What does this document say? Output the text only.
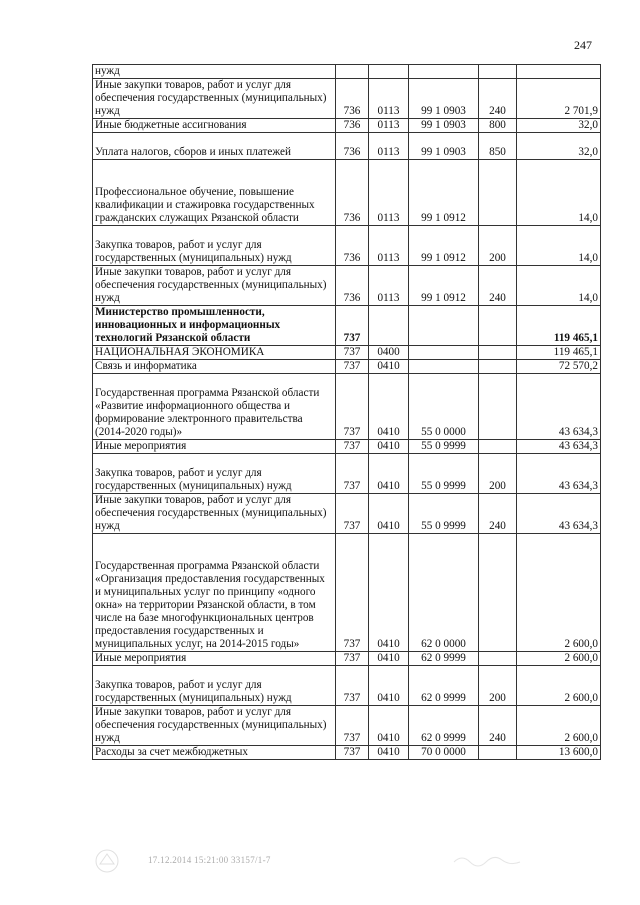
247
нужд					
Иные закупки товаров, работ и услуг для обеспечения государственных (муниципальных) нужд	736	0113	99 1 0903	240	2 701,9
Иные бюджетные ассигнования	736	0113	99 1 0903	800	32,0
Уплата налогов, сборов и иных платежей	736	0113	99 1 0903	850	32,0
Профессиональное обучение, повышение квалификации и стажировка государственных гражданских служащих Рязанской области	736	0113	99 1 0912		14,0
Закупка товаров, работ и услуг для государственных (муниципальных) нужд	736	0113	99 1 0912	200	14,0
Иные закупки товаров, работ и услуг для обеспечения государственных (муниципальных) нужд	736	0113	99 1 0912	240	14,0
Министерство промышленности, инновационных и информационных технологий Рязанской области	737				119 465,1
НАЦИОНАЛЬНАЯ ЭКОНОМИКА	737	0400			119 465,1
Связь и информатика	737	0410			72 570,2
Государственная программа Рязанской области «Развитие информационного общества и формирование электронного правительства (2014-2020 годы)»	737	0410	55 0 0000		43 634,3
Иные мероприятия	737	0410	55 0 9999		43 634,3
Закупка товаров, работ и услуг для государственных (муниципальных) нужд	737	0410	55 0 9999	200	43 634,3
Иные закупки товаров, работ и услуг для обеспечения государственных (муниципальных) нужд	737	0410	55 0 9999	240	43 634,3
Государственная программа Рязанской области «Организация предоставления государственных и муниципальных услуг по принципу «одного окна» на территории Рязанской области, в том числе на базе многофункциональных центров предоставления государственных и муниципальных услуг, на 2014-2015 годы»	737	0410	62 0 0000		2 600,0
Иные мероприятия	737	0410	62 0 9999		2 600,0
Закупка товаров, работ и услуг для государственных (муниципальных) нужд	737	0410	62 0 9999	200	2 600,0
Иные закупки товаров, работ и услуг для обеспечения государственных (муниципальных) нужд	737	0410	62 0 9999	240	2 600,0
Расходы за счет межбюджетных	737	0410	70 0 0000		13 600,0
17.12.2014 15:21:00 33157/1-7
